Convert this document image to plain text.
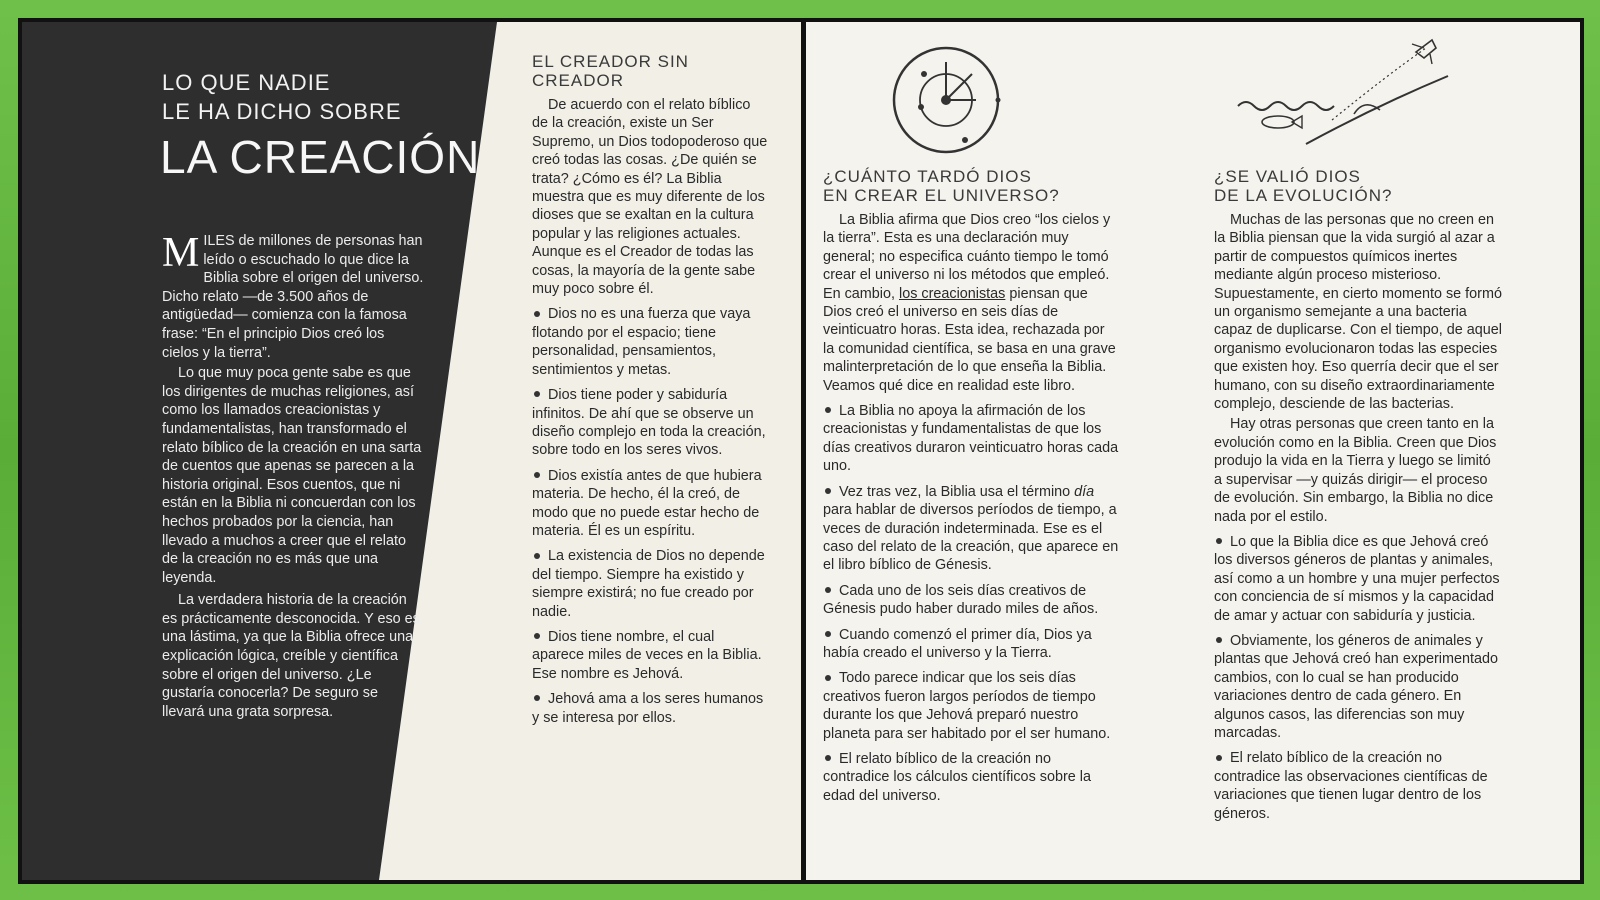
LO QUE NADIE
LE HA DICHO SOBRE
LA CREACIÓN

MILES de millones de personas han leído o escuchado lo que dice la Biblia sobre el origen del universo. Dicho relato —de 3.500 años de antigüedad— comienza con la famosa frase: “En el principio Dios creó los cielos y la tierra”.

Lo que muy poca gente sabe es que los dirigentes de muchas religiones, así como los llamados creacionistas y fundamentalistas, han transformado el relato bíblico de la creación en una sarta de cuentos que apenas se parecen a la historia original. Esos cuentos, que ni están en la Biblia ni concuerdan con los hechos probados por la ciencia, han llevado a muchos a creer que el relato de la creación no es más que una leyenda.

La verdadera historia de la creación es prácticamente desconocida. Y eso es una lástima, ya que la Biblia ofrece una explicación lógica, creíble y científica sobre el origen del universo. ¿Le gustaría conocerla? De seguro se llevará una grata sorpresa.

EL CREADOR SIN CREADOR

De acuerdo con el relato bíblico de la creación, existe un Ser Supremo, un Dios todopoderoso que creó todas las cosas. ¿De quién se trata? ¿Cómo es él? La Biblia muestra que es muy diferente de los dioses que se exaltan en la cultura popular y las religiones actuales. Aunque es el Creador de todas las cosas, la mayoría de la gente sabe muy poco sobre él.

Dios no es una fuerza que vaya flotando por el espacio; tiene personalidad, pensamientos, sentimientos y metas.
Dios tiene poder y sabiduría infinitos. De ahí que se observe un diseño complejo en toda la creación, sobre todo en los seres vivos.
Dios existía antes de que hubiera materia. De hecho, él la creó, de modo que no puede estar hecho de materia. Él es un espíritu.
La existencia de Dios no depende del tiempo. Siempre ha existido y siempre existirá; no fue creado por nadie.
Dios tiene nombre, el cual aparece miles de veces en la Biblia. Ese nombre es Jehová.
Jehová ama a los seres humanos y se interesa por ellos.
¿CUÁNTO TARDÓ DIOS
EN CREAR EL UNIVERSO?

La Biblia afirma que Dios creo “los cielos y la tierra”. Esta es una declaración muy general; no especifica cuánto tiempo le tomó crear el universo ni los métodos que empleó. En cambio, los creacionistas piensan que Dios creó el universo en seis días de veinticuatro horas. Esta idea, rechazada por la comunidad científica, se basa en una grave malinterpretación de lo que enseña la Biblia. Veamos qué dice en realidad este libro.

La Biblia no apoya la afirmación de los creacionistas y fundamentalistas de que los días creativos duraron veinticuatro horas cada uno.
Vez tras vez, la Biblia usa el término día para hablar de diversos períodos de tiempo, a veces de duración indeterminada. Ese es el caso del relato de la creación, que aparece en el libro bíblico de Génesis.
Cada uno de los seis días creativos de Génesis pudo haber durado miles de años.
Cuando comenzó el primer día, Dios ya había creado el universo y la Tierra.
Todo parece indicar que los seis días creativos fueron largos períodos de tiempo durante los que Jehová preparó nuestro planeta para ser habitado por el ser humano.
El relato bíblico de la creación no contradice los cálculos científicos sobre la edad del universo.
¿SE VALIÓ DIOS
DE LA EVOLUCIÓN?

Muchas de las personas que no creen en la Biblia piensan que la vida surgió al azar a partir de compuestos químicos inertes mediante algún proceso misterioso. Supuestamente, en cierto momento se formó un organismo semejante a una bacteria capaz de duplicarse. Con el tiempo, de aquel organismo evolucionaron todas las especies que existen hoy. Eso querría decir que el ser humano, con su diseño extraordinariamente complejo, desciende de las bacterias.

Hay otras personas que creen tanto en la evolución como en la Biblia. Creen que Dios produjo la vida en la Tierra y luego se limitó a supervisar —y quizás dirigir— el proceso de evolución. Sin embargo, la Biblia no dice nada por el estilo.

Lo que la Biblia dice es que Jehová creó los diversos géneros de plantas y animales, así como a un hombre y una mujer perfectos con conciencia de sí mismos y la capacidad de amar y actuar con sabiduría y justicia.
Obviamente, los géneros de animales y plantas que Jehová creó han experimentado cambios, con lo cual se han producido variaciones dentro de cada género. En algunos casos, las diferencias son muy marcadas.
El relato bíblico de la creación no contradice las observaciones científicas de variaciones que tienen lugar dentro de los géneros.
